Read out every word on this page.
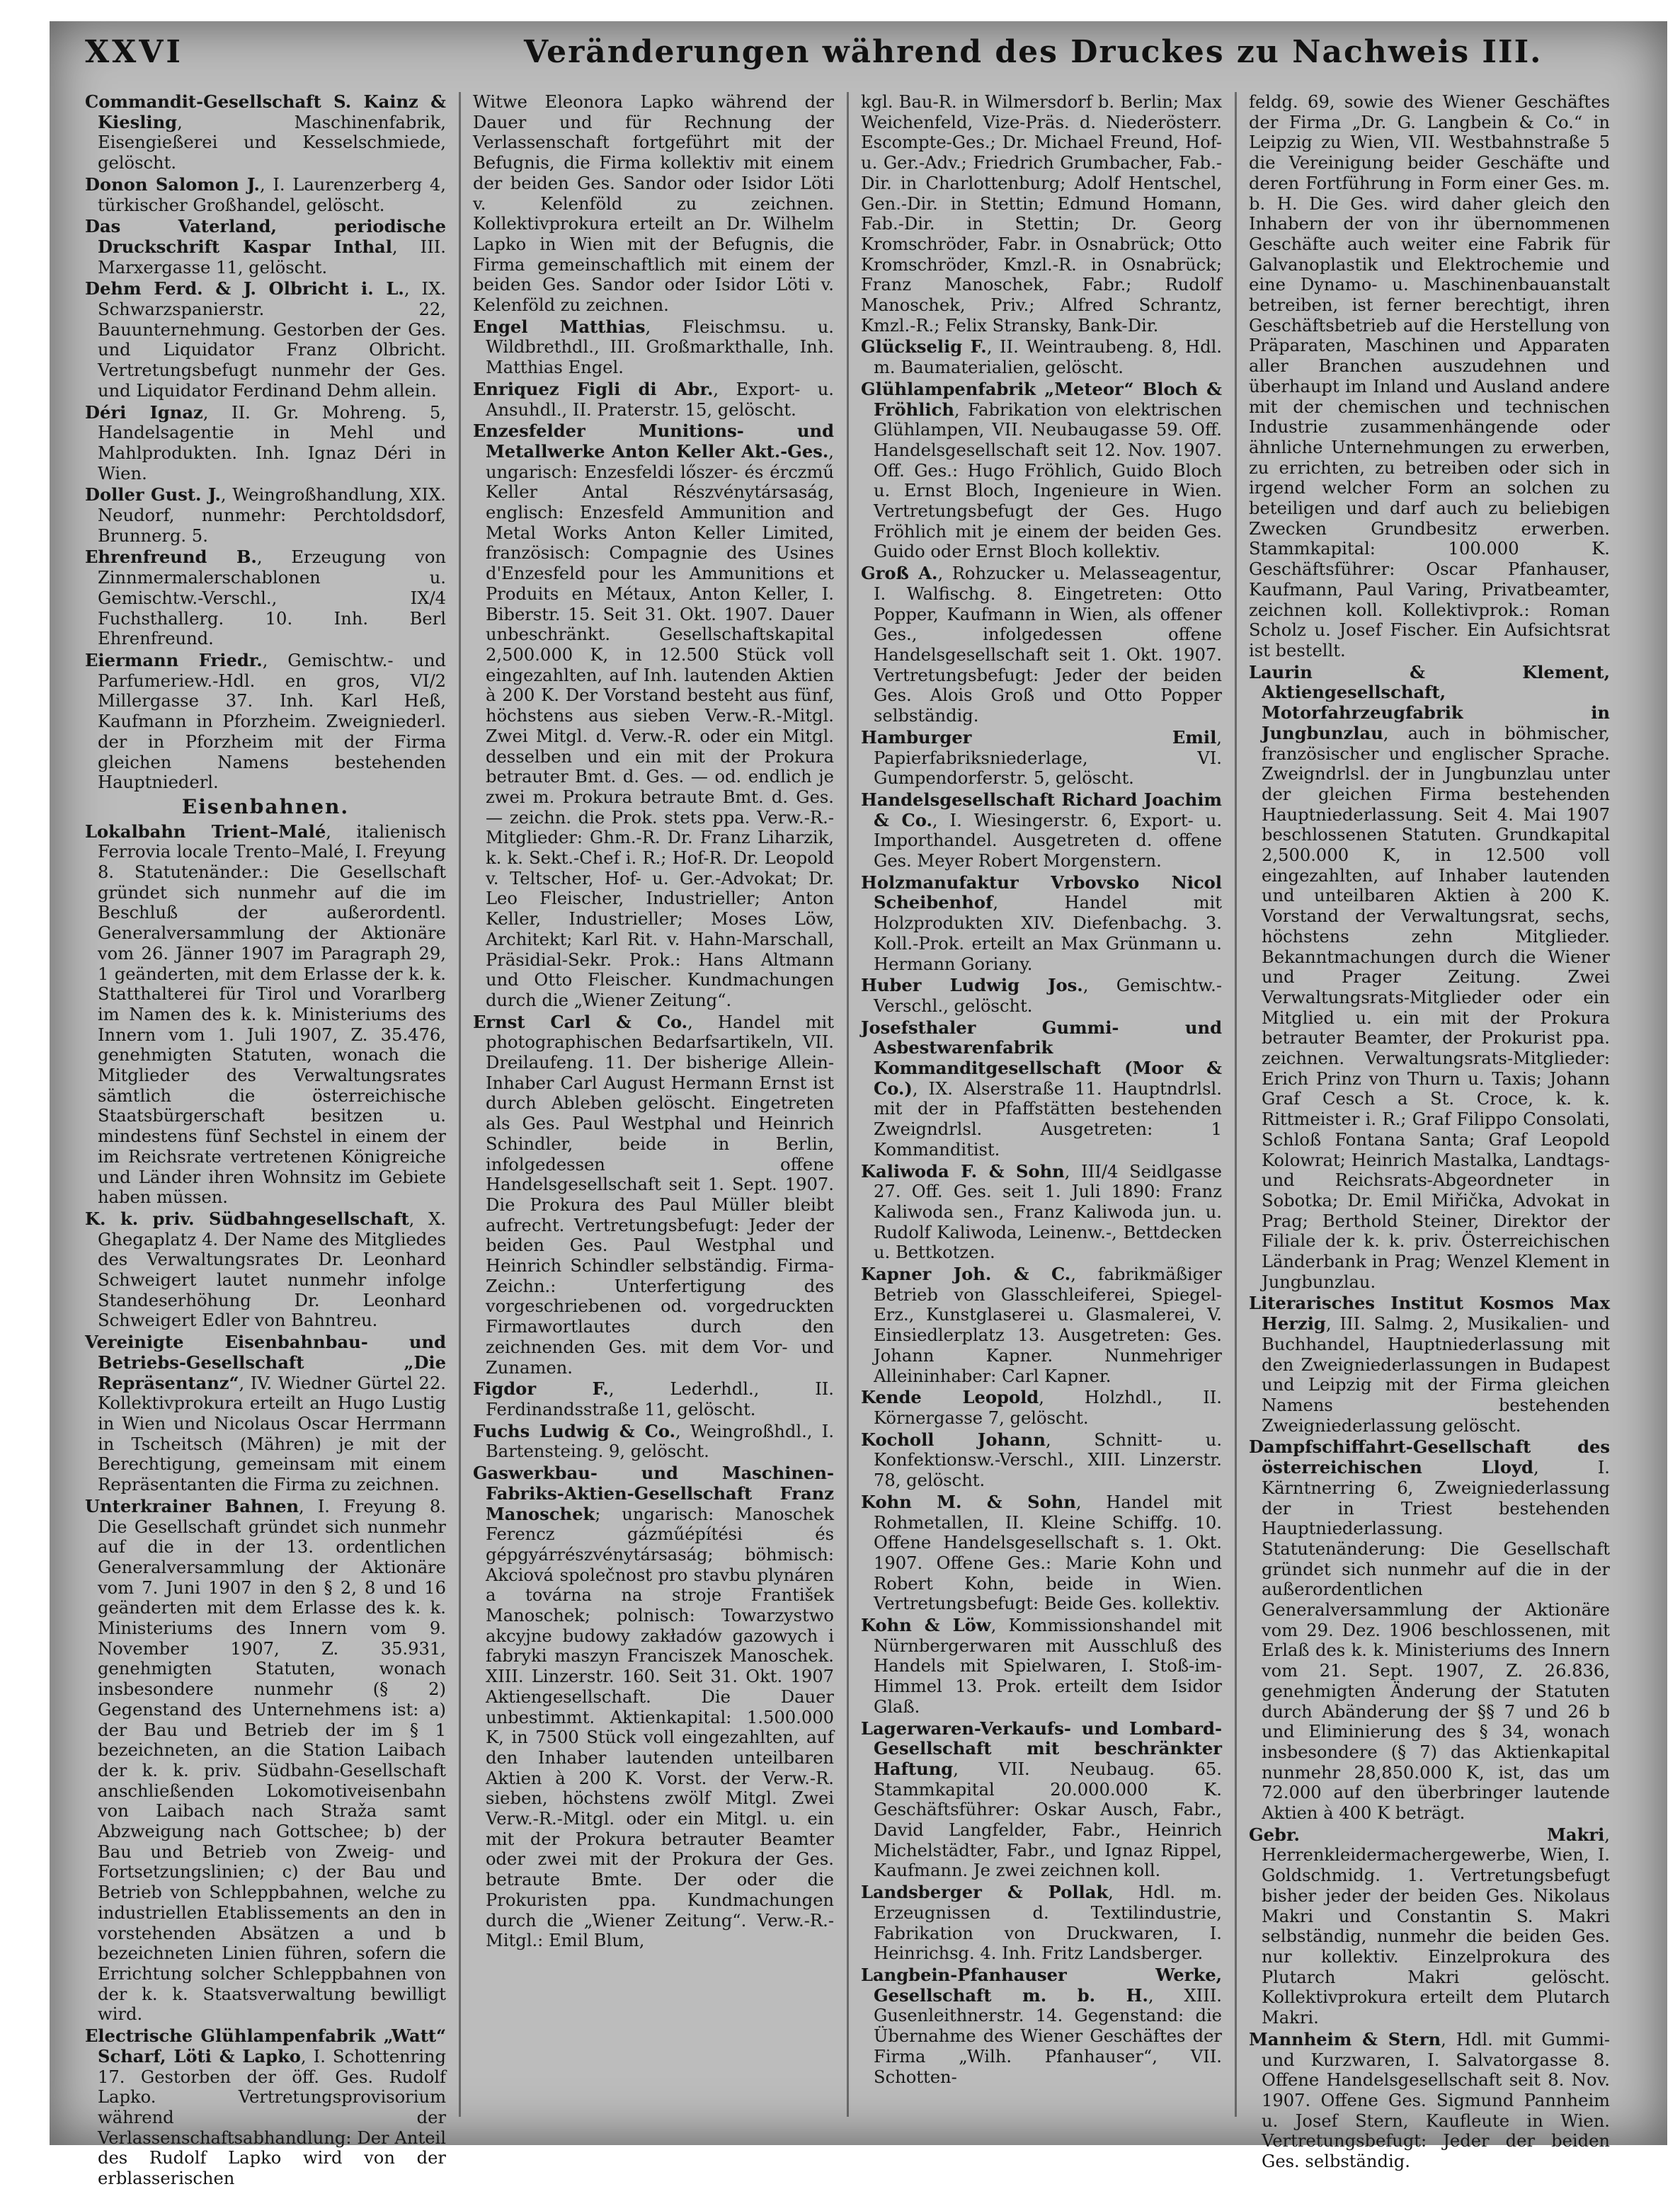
XXVI	Veränderungen während des Druckes zu Nachweis III.

Commandit-Gesellschaft S. Kainz & Kiesling, Maschinenfabrik, Eisengießerei und Kesselschmiede, gelöscht.

Donon Salomon J., I. Laurenzerberg 4, türkischer Großhandel, gelöscht.

Das Vaterland, periodische Druckschrift Kaspar Inthal, III. Marxergasse 11, gelöscht.

Dehm Ferd. & J. Olbricht i. L., IX. Schwarzspanierstr. 22, Bauunternehmung. Gestorben der Ges. und Liquidator Franz Olbricht. Vertretungsbefugt nunmehr der Ges. und Liquidator Ferdinand Dehm allein.

Déri Ignaz, II. Gr. Mohreng. 5, Handelsagentie in Mehl und Mahlprodukten. Inh. Ignaz Déri in Wien.

Doller Gust. J., Weingroßhandlung, XIX. Neudorf, nunmehr: Perchtoldsdorf, Brunnerg. 5.

Ehrenfreund B., Erzeugung von Zinnmermalerschablonen u. Gemischtw.-Verschl., IX/4 Fuchsthallerg. 10. Inh. Berl Ehrenfreund.

Eiermann Friedr., Gemischtw.- und Parfumeriew.-Hdl. en gros, VI/2 Millergasse 37. Inh. Karl Heß, Kaufmann in Pforzheim. Zweigniederl. der in Pforzheim mit der Firma gleichen Namens bestehenden Hauptniederl.

Eisenbahnen.

Lokalbahn Trient–Malé, italienisch Ferrovia locale Trento–Malé, I. Freyung 8. Statutenänder.: Die Gesellschaft gründet sich nunmehr auf die im Beschluß der außerordentl. Generalversammlung der Aktionäre vom 26. Jänner 1907 im Paragraph 29, 1 geänderten, mit dem Erlasse der k. k. Statthalterei für Tirol und Vorarlberg im Namen des k. k. Ministeriums des Innern vom 1. Juli 1907, Z. 35.476, genehmigten Statuten, wonach die Mitglieder des Verwaltungsrates sämtlich die österreichische Staatsbürgerschaft besitzen u. mindestens fünf Sechstel in einem der im Reichsrate vertretenen Königreiche und Länder ihren Wohnsitz im Gebiete haben müssen.

K. k. priv. Südbahngesellschaft, X. Ghegaplatz 4. Der Name des Mitgliedes des Verwaltungsrates Dr. Leonhard Schweigert lautet nunmehr infolge Standeserhöhung Dr. Leonhard Schweigert Edler von Bahntreu.

Vereinigte Eisenbahnbau- und Betriebs-Gesellschaft „Die Repräsentanz“, IV. Wiedner Gürtel 22. Kollektivprokura erteilt an Hugo Lustig in Wien und Nicolaus Oscar Herrmann in Tscheitsch (Mähren) je mit der Berechtigung, gemeinsam mit einem Repräsentanten die Firma zu zeichnen.

Unterkrainer Bahnen, I. Freyung 8. Die Gesellschaft gründet sich nunmehr auf die in der 13. ordentlichen Generalversammlung der Aktionäre vom 7. Juni 1907 in den § 2, 8 und 16 geänderten mit dem Erlasse des k. k. Ministeriums des Innern vom 9. November 1907, Z. 35.931, genehmigten Statuten, wonach insbesondere nunmehr (§ 2) Gegenstand des Unternehmens ist: a) der Bau und Betrieb der im § 1 bezeichneten, an die Station Laibach der k. k. priv. Südbahn-Gesellschaft anschließenden Lokomotiveisenbahn von Laibach nach Straža samt Abzweigung nach Gottschee; b) der Bau und Betrieb von Zweig- und Fortsetzungslinien; c) der Bau und Betrieb von Schleppbahnen, welche zu industriellen Etablissements an den in vorstehenden Absätzen a und b bezeichneten Linien führen, sofern die Errichtung solcher Schleppbahnen von der k. k. Staatsverwaltung bewilligt wird.

Electrische Glühlampenfabrik „Watt“ Scharf, Löti & Lapko, I. Schottenring 17. Gestorben der öff. Ges. Rudolf Lapko. Vertretungsprovisorium während der Verlassenschaftsabhandlung: Der Anteil des Rudolf Lapko wird von der erblasserischen

Witwe Eleonora Lapko während der Dauer und für Rechnung der Verlassenschaft fortgeführt mit der Befugnis, die Firma kollektiv mit einem der beiden Ges. Sandor oder Isidor Löti v. Kelenföld zu zeichnen. Kollektivprokura erteilt an Dr. Wilhelm Lapko in Wien mit der Befugnis, die Firma gemeinschaftlich mit einem der beiden Ges. Sandor oder Isidor Löti v. Kelenföld zu zeichnen.

Engel Matthias, Fleischmsu. u. Wildbrethdl., III. Großmarkthalle, Inh. Matthias Engel.

Enriquez Figli di Abr., Export- u. Ansuhdl., II. Praterstr. 15, gelöscht.

Enzesfelder Munitions- und Metallwerke Anton Keller Akt.-Ges., ungarisch: Enzesfeldi lőszer- és érczmű Keller Antal Részvénytársaság, englisch: Enzesfeld Ammunition and Metal Works Anton Keller Limited, französisch: Compagnie des Usines d'Enzesfeld pour les Ammunitions et Produits en Métaux, Anton Keller, I. Biberstr. 15. Seit 31. Okt. 1907. Dauer unbeschränkt. Gesellschaftskapital 2,500.000 K, in 12.500 Stück voll eingezahlten, auf Inh. lautenden Aktien à 200 K. Der Vorstand besteht aus fünf, höchstens aus sieben Verw.-R.-Mitgl. Zwei Mitgl. d. Verw.-R. oder ein Mitgl. desselben und ein mit der Prokura betrauter Bmt. d. Ges. — od. endlich je zwei m. Prokura betraute Bmt. d. Ges. — zeichn. die Prok. stets ppa. Verw.-R.-Mitglieder: Ghm.-R. Dr. Franz Liharzik, k. k. Sekt.-Chef i. R.; Hof-R. Dr. Leopold v. Teltscher, Hof- u. Ger.-Advokat; Dr. Leo Fleischer, Industrieller; Anton Keller, Industrieller; Moses Löw, Architekt; Karl Rit. v. Hahn-Marschall, Präsidial-Sekr. Prok.: Hans Altmann und Otto Fleischer. Kundmachungen durch die „Wiener Zeitung“.

Ernst Carl & Co., Handel mit photographischen Bedarfsartikeln, VII. Dreilaufeng. 11. Der bisherige Allein-Inhaber Carl August Hermann Ernst ist durch Ableben gelöscht. Eingetreten als Ges. Paul Westphal und Heinrich Schindler, beide in Berlin, infolgedessen offene Handelsgesellschaft seit 1. Sept. 1907. Die Prokura des Paul Müller bleibt aufrecht. Vertretungsbefugt: Jeder der beiden Ges. Paul Westphal und Heinrich Schindler selbständig. Firma-Zeichn.: Unterfertigung des vorgeschriebenen od. vorgedruckten Firmawortlautes durch den zeichnenden Ges. mit dem Vor- und Zunamen.

Figdor F., Lederhdl., II. Ferdinandsstraße 11, gelöscht.

Fuchs Ludwig & Co., Weingroßhdl., I. Bartensteing. 9, gelöscht.

Gaswerkbau- und Maschinen-Fabriks-Aktien-Gesellschaft Franz Manoschek; ungarisch: Manoschek Ferencz gázműépítési és gépgyárrészvénytársaság; böhmisch: Akciová společnost pro stavbu plynáren a továrna na stroje František Manoschek; polnisch: Towarzystwo akcyjne budowy zakładów gazowych i fabryki maszyn Franciszek Manoschek. XIII. Linzerstr. 160. Seit 31. Okt. 1907 Aktiengesellschaft. Die Dauer unbestimmt. Aktienkapital: 1.500.000 K, in 7500 Stück voll eingezahlten, auf den Inhaber lautenden unteilbaren Aktien à 200 K. Vorst. der Verw.-R. sieben, höchstens zwölf Mitgl. Zwei Verw.-R.-Mitgl. oder ein Mitgl. u. ein mit der Prokura betrauter Beamter oder zwei mit der Prokura der Ges. betraute Bmte. Der oder die Prokuristen ppa. Kundmachungen durch die „Wiener Zeitung“. Verw.-R.-Mitgl.: Emil Blum,

kgl. Bau-R. in Wilmersdorf b. Berlin; Max Weichenfeld, Vize-Präs. d. Niederösterr. Escompte-Ges.; Dr. Michael Freund, Hof- u. Ger.-Adv.; Friedrich Grumbacher, Fab.-Dir. in Charlottenburg; Adolf Hentschel, Gen.-Dir. in Stettin; Edmund Homann, Fab.-Dir. in Stettin; Dr. Georg Kromschröder, Fabr. in Osnabrück; Otto Kromschröder, Kmzl.-R. in Osnabrück; Franz Manoschek, Fabr.; Rudolf Manoschek, Priv.; Alfred Schrantz, Kmzl.-R.; Felix Stransky, Bank-Dir.

Glückselig F., II. Weintraubeng. 8, Hdl. m. Baumaterialien, gelöscht.

Glühlampenfabrik „Meteor“ Bloch & Fröhlich, Fabrikation von elektrischen Glühlampen, VII. Neubaugasse 59. Off. Handelsgesellschaft seit 12. Nov. 1907. Off. Ges.: Hugo Fröhlich, Guido Bloch u. Ernst Bloch, Ingenieure in Wien. Vertretungsbefugt der Ges. Hugo Fröhlich mit je einem der beiden Ges. Guido oder Ernst Bloch kollektiv.

Groß A., Rohzucker u. Melasseagentur, I. Walfischg. 8. Eingetreten: Otto Popper, Kaufmann in Wien, als offener Ges., infolgedessen offene Handelsgesellschaft seit 1. Okt. 1907. Vertretungsbefugt: Jeder der beiden Ges. Alois Groß und Otto Popper selbständig.

Hamburger Emil, Papierfabriksniederlage, VI. Gumpendorferstr. 5, gelöscht.

Handelsgesellschaft Richard Joachim & Co., I. Wiesingerstr. 6, Export- u. Importhandel. Ausgetreten d. offene Ges. Meyer Robert Morgenstern.

Holzmanufaktur Vrbovsko Nicol Scheibenhof, Handel mit Holzprodukten XIV. Diefenbachg. 3. Koll.-Prok. erteilt an Max Grünmann u. Hermann Goriany.

Huber Ludwig Jos., Gemischtw.-Verschl., gelöscht.

Josefsthaler Gummi- und Asbestwarenfabrik Kommanditgesellschaft (Moor & Co.), IX. Alserstraße 11. Hauptndrlsl. mit der in Pfaffstätten bestehenden Zweigndrlsl. Ausgetreten: 1 Kommanditist.

Kaliwoda F. & Sohn, III/4 Seidlgasse 27. Off. Ges. seit 1. Juli 1890: Franz Kaliwoda sen., Franz Kaliwoda jun. u. Rudolf Kaliwoda, Leinenw.-, Bettdecken u. Bettkotzen.

Kapner Joh. & C., fabrikmäßiger Betrieb von Glasschleiferei, Spiegel-Erz., Kunstglaserei u. Glasmalerei, V. Einsiedlerplatz 13. Ausgetreten: Ges. Johann Kapner. Nunmehriger Alleininhaber: Carl Kapner.

Kende Leopold, Holzhdl., II. Körnergasse 7, gelöscht.

Kocholl Johann, Schnitt- u. Konfektionsw.-Verschl., XIII. Linzerstr. 78, gelöscht.

Kohn M. & Sohn, Handel mit Rohmetallen, II. Kleine Schiffg. 10. Offene Handelsgesellschaft s. 1. Okt. 1907. Offene Ges.: Marie Kohn und Robert Kohn, beide in Wien. Vertretungsbefugt: Beide Ges. kollektiv.

Kohn & Löw, Kommissionshandel mit Nürnbergerwaren mit Ausschluß des Handels mit Spielwaren, I. Stoß-im-Himmel 13. Prok. erteilt dem Isidor Glaß.

Lagerwaren-Verkaufs- und Lombard-Gesellschaft mit beschränkter Haftung, VII. Neubaug. 65. Stammkapital 20.000.000 K. Geschäftsführer: Oskar Ausch, Fabr., David Langfelder, Fabr., Heinrich Michelstädter, Fabr., und Ignaz Rippel, Kaufmann. Je zwei zeichnen koll.

Landsberger & Pollak, Hdl. m. Erzeugnissen d. Textilindustrie, Fabrikation von Druckwaren, I. Heinrichsg. 4. Inh. Fritz Landsberger.

Langbein-Pfanhauser Werke, Gesellschaft m. b. H., XIII. Gusenleithnerstr. 14. Gegenstand: die Übernahme des Wiener Geschäftes der Firma „Wilh. Pfanhauser“, VII. Schotten-

feldg. 69, sowie des Wiener Geschäftes der Firma „Dr. G. Langbein & Co.“ in Leipzig zu Wien, VII. Westbahnstraße 5 die Vereinigung beider Geschäfte und deren Fortführung in Form einer Ges. m. b. H. Die Ges. wird daher gleich den Inhabern der von ihr übernommenen Geschäfte auch weiter eine Fabrik für Galvanoplastik und Elektrochemie und eine Dynamo- u. Maschinenbauanstalt betreiben, ist ferner berechtigt, ihren Geschäftsbetrieb auf die Herstellung von Präparaten, Maschinen und Apparaten aller Branchen auszudehnen und überhaupt im Inland und Ausland andere mit der chemischen und technischen Industrie zusammenhängende oder ähnliche Unternehmungen zu erwerben, zu errichten, zu betreiben oder sich in irgend welcher Form an solchen zu beteiligen und darf auch zu beliebigen Zwecken Grundbesitz erwerben. Stammkapital: 100.000 K. Geschäftsführer: Oscar Pfanhauser, Kaufmann, Paul Varing, Privatbeamter, zeichnen koll. Kollektivprok.: Roman Scholz u. Josef Fischer. Ein Aufsichtsrat ist bestellt.

Laurin & Klement, Aktiengesellschaft, Motorfahrzeugfabrik in Jungbunzlau, auch in böhmischer, französischer und englischer Sprache. Zweigndrlsl. der in Jungbunzlau unter der gleichen Firma bestehenden Hauptniederlassung. Seit 4. Mai 1907 beschlossenen Statuten. Grundkapital 2,500.000 K, in 12.500 voll eingezahlten, auf Inhaber lautenden und unteilbaren Aktien à 200 K. Vorstand der Verwaltungsrat, sechs, höchstens zehn Mitglieder. Bekanntmachungen durch die Wiener und Prager Zeitung. Zwei Verwaltungsrats-Mitglieder oder ein Mitglied u. ein mit der Prokura betrauter Beamter, der Prokurist ppa. zeichnen. Verwaltungsrats-Mitglieder: Erich Prinz von Thurn u. Taxis; Johann Graf Cesch a St. Croce, k. k. Rittmeister i. R.; Graf Filippo Consolati, Schloß Fontana Santa; Graf Leopold Kolowrat; Heinrich Mastalka, Landtags- und Reichsrats-Abgeordneter in Sobotka; Dr. Emil Miřička, Advokat in Prag; Berthold Steiner, Direktor der Filiale der k. k. priv. Österreichischen Länderbank in Prag; Wenzel Klement in Jungbunzlau.

Literarisches Institut Kosmos Max Herzig, III. Salmg. 2, Musikalien- und Buchhandel, Hauptniederlassung mit den Zweigniederlassungen in Budapest und Leipzig mit der Firma gleichen Namens bestehenden Zweigniederlassung gelöscht.

Dampfschiffahrt-Gesellschaft des österreichischen Lloyd, I. Kärntnerring 6, Zweigniederlassung der in Triest bestehenden Hauptniederlassung. Statutenänderung: Die Gesellschaft gründet sich nunmehr auf die in der außerordentlichen Generalversammlung der Aktionäre vom 29. Dez. 1906 beschlossenen, mit Erlaß des k. k. Ministeriums des Innern vom 21. Sept. 1907, Z. 26.836, genehmigten Änderung der Statuten durch Abänderung der §§ 7 und 26 b und Eliminierung des § 34, wonach insbesondere (§ 7) das Aktienkapital nunmehr 28,850.000 K, ist, das um 72.000 auf den überbringer lautende Aktien à 400 K beträgt.

Gebr. Makri, Herrenkleidermachergewerbe, Wien, I. Goldschmidg. 1. Vertretungsbefugt bisher jeder der beiden Ges. Nikolaus Makri und Constantin S. Makri selbständig, nunmehr die beiden Ges. nur kollektiv. Einzelprokura des Plutarch Makri gelöscht. Kollektivprokura erteilt dem Plutarch Makri.

Mannheim & Stern, Hdl. mit Gummi- und Kurzwaren, I. Salvatorgasse 8. Offene Handelsgesellschaft seit 8. Nov. 1907. Offene Ges. Sigmund Pannheim u. Josef Stern, Kaufleute in Wien. Vertretungsbefugt: Jeder der beiden Ges. selbständig.
